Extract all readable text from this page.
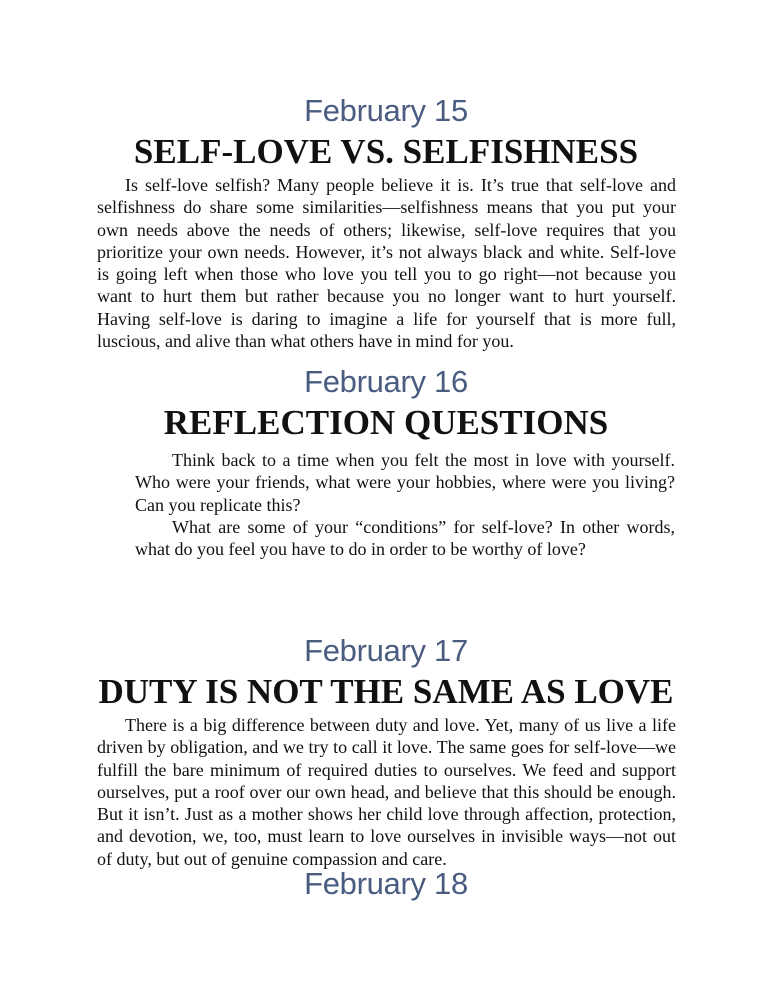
February 15
SELF-LOVE VS. SELFISHNESS

Is self-love selfish? Many people believe it is. It’s true that self-love and selfishness do share some similarities—selfishness means that you put your own needs above the needs of others; likewise, self-love requires that you prioritize your own needs. However, it’s not always black and white. Self-love is going left when those who love you tell you to go right—not because you want to hurt them but rather because you no longer want to hurt yourself. Having self-love is daring to imagine a life for yourself that is more full, luscious, and alive than what others have in mind for you.

February 16
REFLECTION QUESTIONS

Think back to a time when you felt the most in love with yourself. Who were your friends, what were your hobbies, where were you living? Can you replicate this?

What are some of your “conditions” for self-love? In other words, what do you feel you have to do in order to be worthy of love?

February 17
DUTY IS NOT THE SAME AS LOVE

There is a big difference between duty and love. Yet, many of us live a life driven by obligation, and we try to call it love. The same goes for self-love—we fulfill the bare minimum of required duties to ourselves. We feed and support ourselves, put a roof over our own head, and believe that this should be enough. But it isn’t. Just as a mother shows her child love through affection, protection, and devotion, we, too, must learn to love ourselves in invisible ways—not out of duty, but out of genuine compassion and care.

February 18
